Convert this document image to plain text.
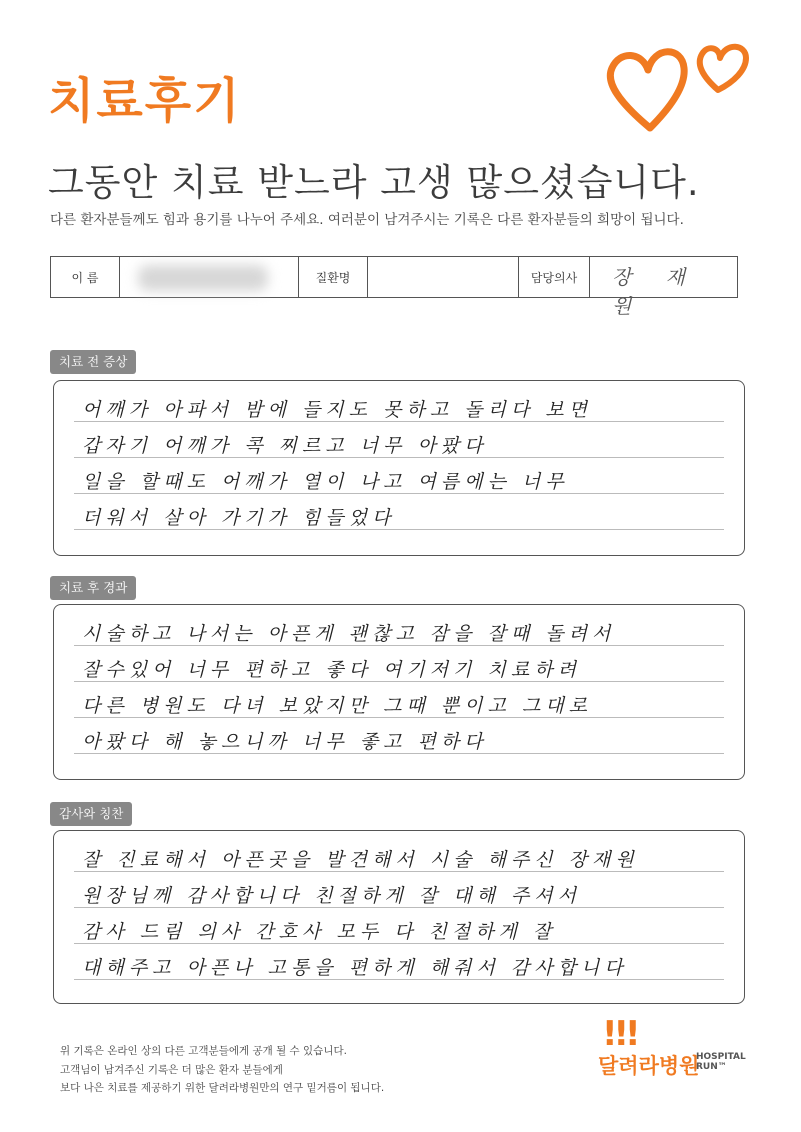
치료후기
그동안 치료 받느라 고생 많으셨습니다.
다른 환자분들께도 힘과 용기를 나누어 주세요. 여러분이 남겨주시는 기록은 다른 환자분들의 희망이 됩니다.
이 름	질환명	담당의사	장 재 원
치료 전 증상
어깨가 아파서 밤에 들지도 못하고 돌리다 보면
갑자기 어깨가 콕 찌르고 너무 아팠다
일을 할때도 어깨가 열이 나고 여름에는 너무
더워서 살아 가기가 힘들었다
치료 후 경과
시술하고 나서는 아픈게 괜찮고 잠을 잘때 돌려서
잘수있어 너무 편하고 좋다 여기저기 치료하려
다른 병원도 다녀 보았지만 그때 뿐이고 그대로
아팠다 해 놓으니까 너무 좋고 편하다
감사와 칭찬
잘 진료해서 아픈곳을 발견해서 시술 해주신 장재원
원장님께 감사합니다 친절하게 잘 대해 주셔서
감사 드림 의사 간호사 모두 다 친절하게 잘
대해주고 아픈나 고통을 편하게 해줘서 감사합니다
위 기록은 온라인 상의 다른 고객분들에게 공개 될 수 있습니다.
고객님이 남겨주신 기록은 더 많은 환자 분들에게
보다 나은 치료를 제공하기 위한 달려라병원만의 연구 밑거름이 됩니다.
!!!
달려라병원
HOSPITAL
RUN™
